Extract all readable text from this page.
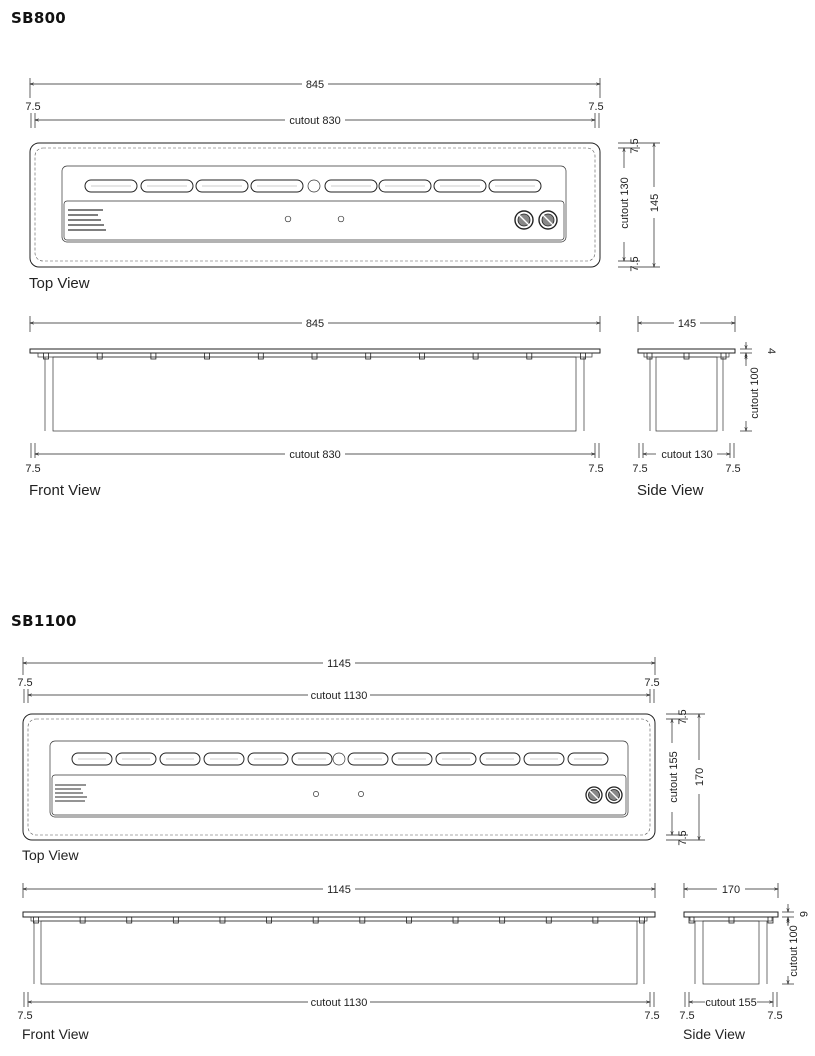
SB800
SB1100
Top View
Front View	Side View
Top View
Front View	Side View
845
7.5	7.5
cutout 830
cutout 130
7.5
7.5
145
845
cutout 830
7.5	7.5
145
4
cutout 100
cutout 130
7.5	7.5
1145
7.5	7.5
cutout 1130
cutout 155
7.5
7.5
170
1145
cutout 1130
7.5	7.5
170
6
cutout 100
cutout 155
7.5	7.5
